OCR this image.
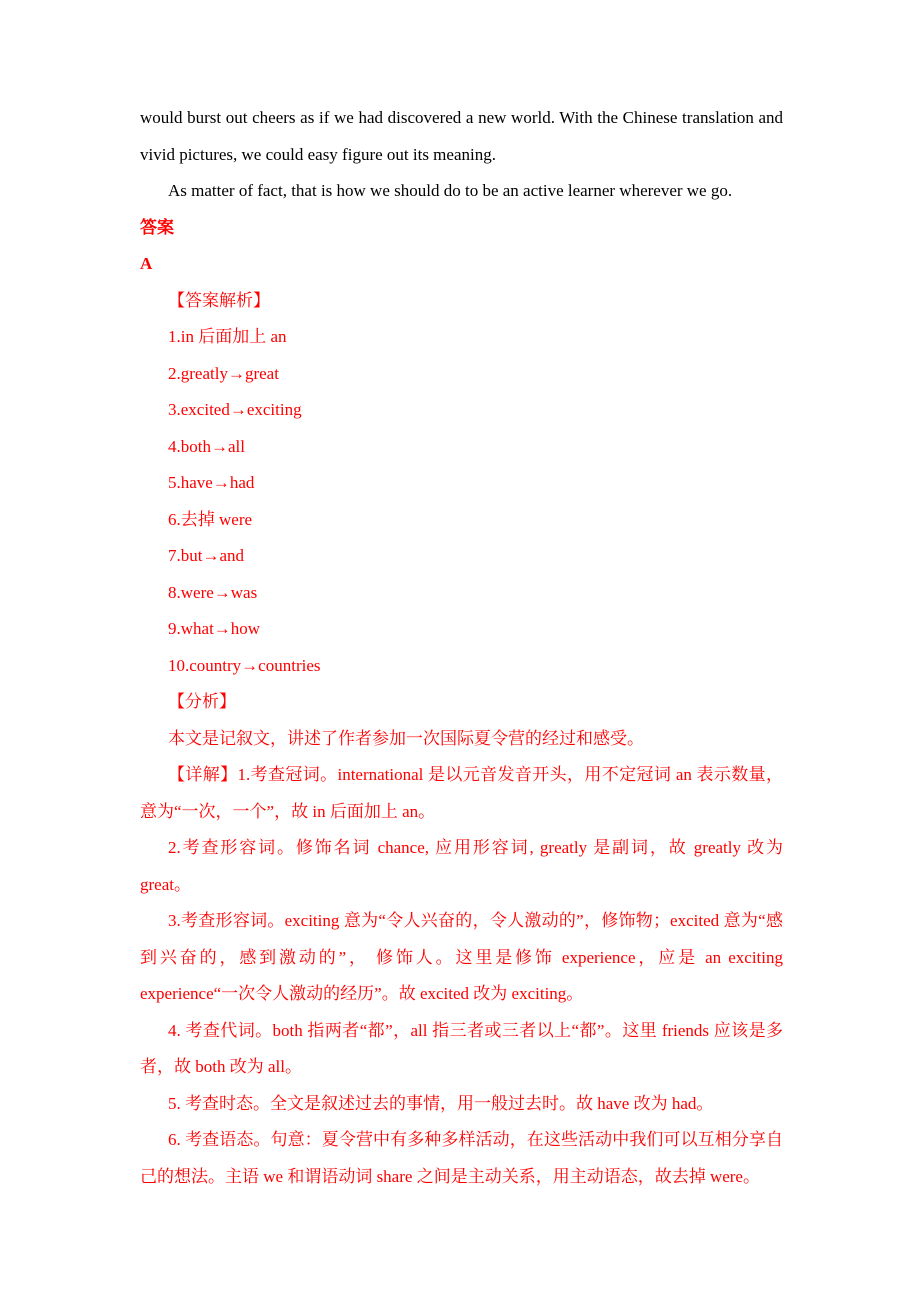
would burst out cheers as if we had discovered a new world. With the Chinese translation and vivid pictures, we could easy figure out its meaning.

As matter of fact, that is how we should do to be an active learner wherever we go.

答案

A

【答案解析】

1.in 后面加上 an

2.greatly→great

3.excited→exciting

4.both→all

5.have→had

6.去掉 were

7.but→and

8.were→was

9.what→how

10.country→countries

【分析】

本文是记叙文，讲述了作者参加一次国际夏令营的经过和感受。

【详解】1.考查冠词。international 是以元音发音开头，用不定冠词 an 表示数量，意为“一次，一个”，故 in 后面加上 an。

2.考查形容词。修饰名词 chance, 应用形容词, greatly 是副词，故 greatly 改为 great。

3.考查形容词。exciting 意为“令人兴奋的，令人激动的”，修饰物；excited 意为“感到兴奋的，感到激动的”， 修饰人。这里是修饰 experience，应是 an exciting experience“一次令人激动的经历”。故 excited 改为 exciting。

4. 考查代词。both 指两者“都”，all 指三者或三者以上“都”。这里 friends 应该是多者，故 both 改为 all。

5. 考查时态。全文是叙述过去的事情，用一般过去时。故 have 改为 had。

6. 考查语态。句意：夏令营中有多种多样活动，在这些活动中我们可以互相分享自己的想法。主语 we 和谓语动词 share 之间是主动关系，用主动语态，故去掉 were。
